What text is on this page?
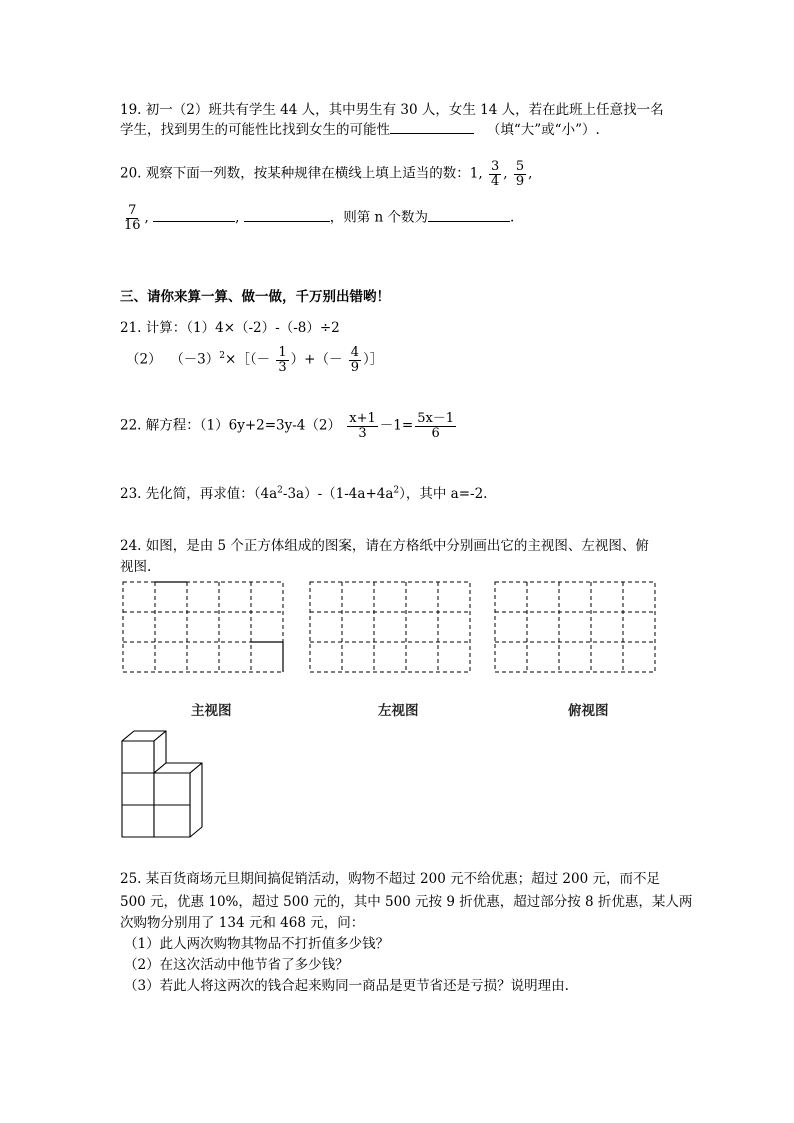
19. 初一（2）班共有学生 44 人，其中男生有 30 人，女生 14 人，若在此班上任意找一名
学生，找到男生的可能性比找到女生的可能性	（填“大”或“小”）.
20. 观察下面一列数，按某种规律在横线上填上适当的数：1, $\frac{3}{4}$ , $\frac{5}{9}$ ,
$\frac{7}{16}$ ,	,	，则第 n 个数为	.
三、请你来算一算、做一做，千万别出错哟！
21. 计算：（1）4×（-2）-（-8）÷2
（2） $(-3)^2\times[(- \frac{1}{3}$ ）+（－ $\frac{4}{9}$ ）］
22. 解方程：$(1)6y+2=3y-4(2) \frac{x+1}{3} -1= \frac{5x-1}{6}$
23. 先化简，再求值：$(4a^2-3a)-(1-4a+4a^2)$，其中 a=-2.
24. 如图，是由 5 个正方体组成的图案，请在方格纸中分别画出它的主视图、左视图、俯
视图.
主视图	左视图	俯视图
25. 某百货商场元旦期间搞促销活动，购物不超过 200 元不给优惠；超过 200 元，而不足
500 元，优惠 10%，超过 500 元的，其中 500 元按 9 折优惠，超过部分按 8 折优惠，某人两
次购物分别用了 134 元和 468 元，问：
（1）此人两次购物其物品不打折值多少钱？
（2）在这次活动中他节省了多少钱？
（3）若此人将这两次的钱合起来购同一商品是更节省还是亏损？说明理由.
